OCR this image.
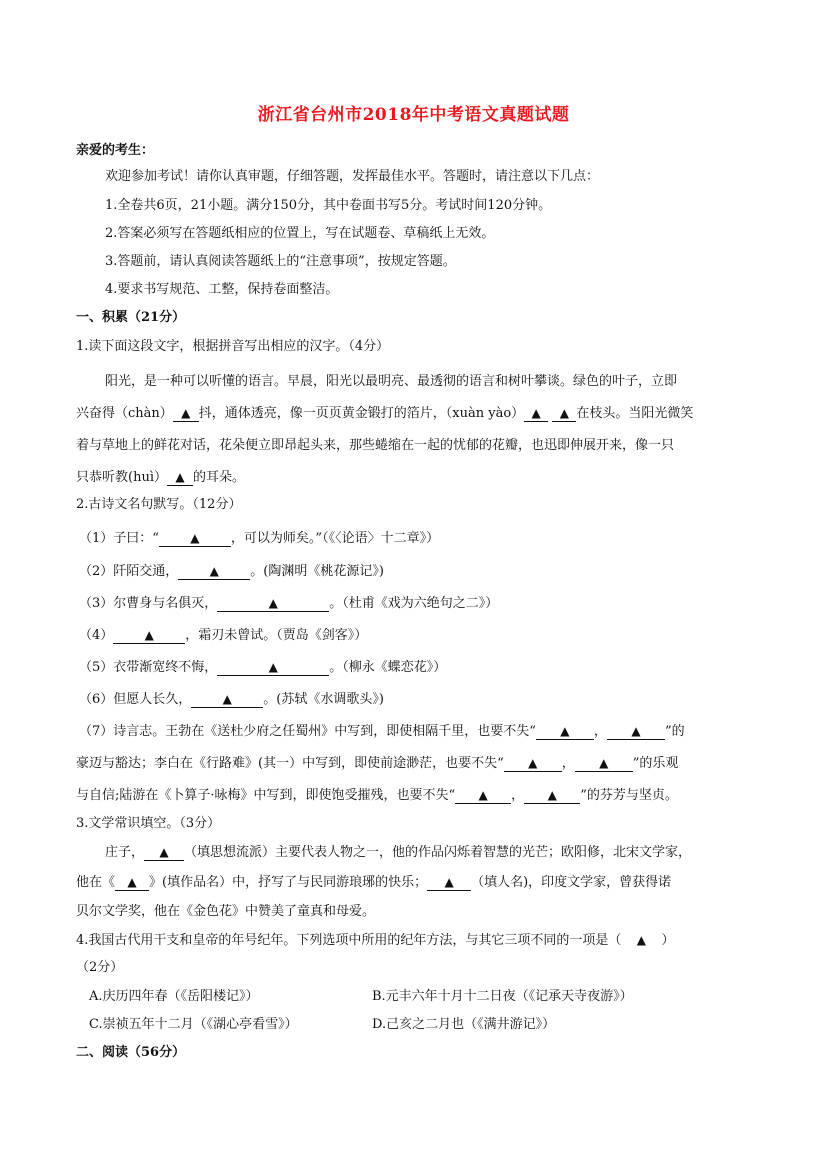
浙江省台州市2018年中考语文真题试题
亲爱的考生：
欢迎参加考试！请你认真审题，仔细答题，发挥最佳水平。答题时，请注意以下几点：
1.全卷共6页，21小题。满分150分，其中卷面书写5分。考试时间120分钟。
2.答案必须写在答题纸相应的位置上，写在试题卷、草稿纸上无效。
3.答题前，请认真阅读答题纸上的“注意事项”，按规定答题。
4.要求书写规范、工整，保持卷面整洁。
一、积累（21分）
1.读下面这段文字，根据拼音写出相应的汉字。（4分）
阳光，是一种可以听懂的语言。早晨，阳光以最明亮、最透彻的语言和树叶攀谈。绿色的叶子，立即
兴奋得（chàn） ▲ 抖，通体透亮，像一页页黄金锻打的箔片，（xuàn yào） ▲ ▲ 在枝头。当阳光微笑
着与草地上的鲜花对话，花朵便立即昂起头来，那些蜷缩在一起的忧郁的花瓣，也迅即伸展开来，像一只
只恭听教(huì） ▲ 的耳朵。
2.古诗文名句默写。（12分）
（1）子曰：“	▲ ，可以为师矣。”（《〈论语〉十二章》）
（2）阡陌交通，	▲ 。(陶渊明《桃花源记》)
（3）尔曹身与名俱灭，	▲	。（杜甫《戏为六绝句之二》）
（4）	▲ ，霜刃未曾试。（贾岛《剑客》）
（5）衣带渐宽终不悔，	▲	。（柳永《蝶恋花》）
（6）但愿人长久，	▲ 。(苏轼《水调歌头》)
（7）诗言志。王勃在《送杜少府之任蜀州》中写到，即使相隔千里，也要不失“ ▲ ， ▲ ”的
豪迈与豁达；李白在《行路难》(其一）中写到，即使前途渺茫，也要不失“ ▲ ， ▲ ”的乐观
与自信;陆游在《卜算子·咏梅》中写到，即使饱受摧残，也要不失“ ▲ ， ▲ ”的芬芳与坚贞。
3.文学常识填空。（3分）
庄子， ▲ （填思想流派）主要代表人物之一，他的作品闪烁着智慧的光芒；欧阳修，北宋文学家，
他在《 ▲ 》(填作品名）中，抒写了与民同游琅琊的快乐； ▲ （填人名)，印度文学家，曾获得诺
贝尔文学奖，他在《金色花》中赞美了童真和母爱。
4.我国古代用干支和皇帝的年号纪年。下列选项中所用的纪年方法，与其它三项不同的一项是（ ▲ ）
（2分）
A.庆历四年春（《岳阳楼记》）	B.元丰六年十月十二日夜（《记承天寺夜游》）
C.崇祯五年十二月（《湖心亭看雪》）	D.己亥之二月也（《满井游记》）
二、阅读（56分）
